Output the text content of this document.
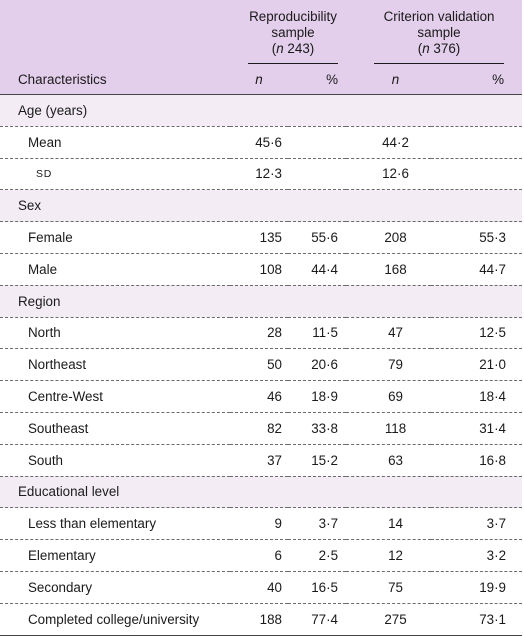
	Reproducibility
sample
(n 243)		Criterion validation
sample
(n 376)	

Characteristics	n	%	n	%
Age (years)				
Mean	45·6		44·2	
SD	12·3		12·6	
Sex				
Female	135	55·6	208	55·3
Male	108	44·4	168	44·7
Region				
North	28	11·5	47	12·5
Northeast	50	20·6	79	21·0
Centre-West	46	18·9	69	18·4
Southeast	82	33·8	118	31·4
South	37	15·2	63	16·8
Educational level				
Less than elementary	9	3·7	14	3·7
Elementary	6	2·5	12	3·2
Secondary	40	16·5	75	19·9
Completed college/university	188	77·4	275	73·1
